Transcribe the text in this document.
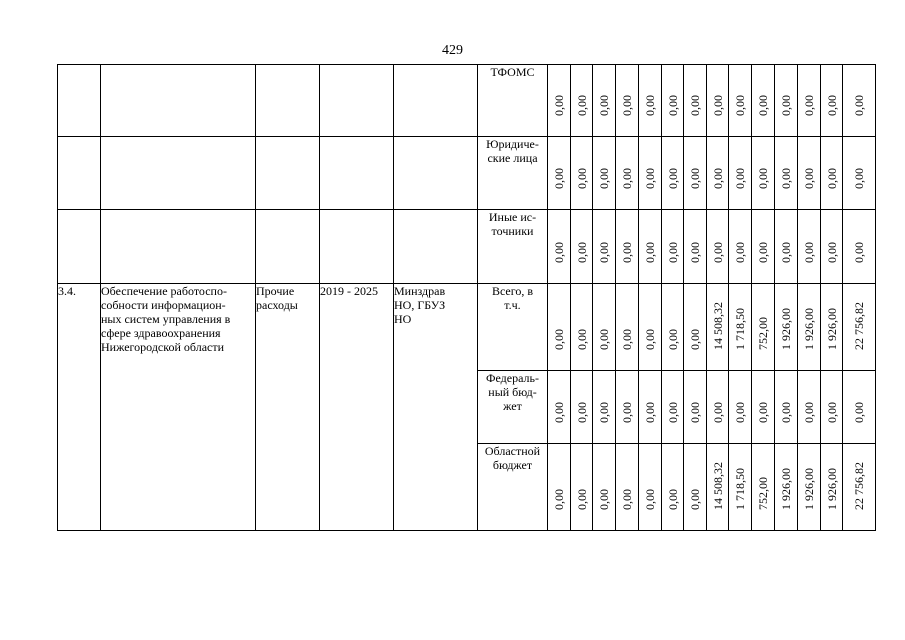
429
					ТФОМС	0,00	0,00	0,00	0,00	0,00	0,00	0,00	0,00	0,00	0,00	0,00	0,00	0,00	0,00

					Юридиче-
ские лица	0,00	0,00	0,00	0,00	0,00	0,00	0,00	0,00	0,00	0,00	0,00	0,00	0,00	0,00

					Иные ис-
точники	0,00	0,00	0,00	0,00	0,00	0,00	0,00	0,00	0,00	0,00	0,00	0,00	0,00	0,00

3.4.	Обеспечение работоспо-
собности информацион-
ных систем управления в
сфере здравоохранения
Нижегородской области	Прочие
расходы	2019 - 2025	Минздрав
НО, ГБУЗ
НО	Всего, в
т.ч.	0,00	0,00	0,00	0,00	0,00	0,00	0,00	14 508,32	1 718,50	752,00	1 926,00	1 926,00	1 926,00	22 756,82

					Федераль-
ный бюд-
жет	0,00	0,00	0,00	0,00	0,00	0,00	0,00	0,00	0,00	0,00	0,00	0,00	0,00	0,00

					Областной
бюджет	0,00	0,00	0,00	0,00	0,00	0,00	0,00	14 508,32	1 718,50	752,00	1 926,00	1 926,00	1 926,00	22 756,82
